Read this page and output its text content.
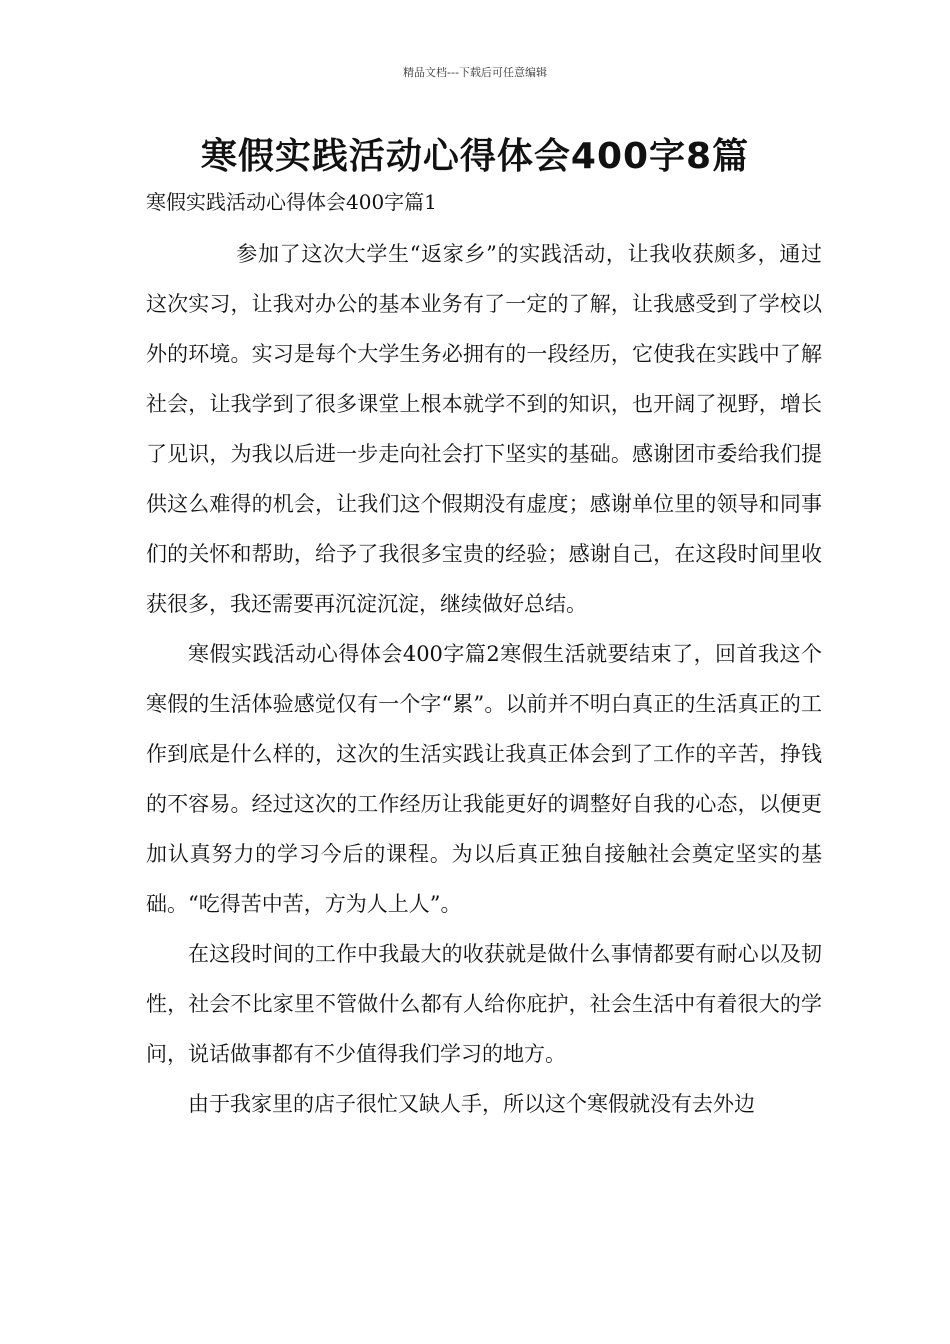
精品文档---下载后可任意编辑
寒假实践活动心得体会400字8篇
寒假实践活动心得体会400字篇1

参加了这次大学生“返家乡”的实践活动，让我收获颇多，通过这次实习，让我对办公的基本业务有了一定的了解，让我感受到了学校以外的环境。实习是每个大学生务必拥有的一段经历，它使我在实践中了解社会，让我学到了很多课堂上根本就学不到的知识，也开阔了视野，增长了见识，为我以后进一步走向社会打下坚实的基础。感谢团市委给我们提供这么难得的机会，让我们这个假期没有虚度；感谢单位里的领导和同事们的关怀和帮助，给予了我很多宝贵的经验；感谢自己，在这段时间里收获很多，我还需要再沉淀沉淀，继续做好总结。

寒假实践活动心得体会400字篇2寒假生活就要结束了，回首我这个寒假的生活体验感觉仅有一个字“累”。以前并不明白真正的生活真正的工作到底是什么样的，这次的生活实践让我真正体会到了工作的辛苦，挣钱的不容易。经过这次的工作经历让我能更好的调整好自我的心态，以便更加认真努力的学习今后的课程。为以后真正独自接触社会奠定坚实的基础。“吃得苦中苦，方为人上人”。

在这段时间的工作中我最大的收获就是做什么事情都要有耐心以及韧性，社会不比家里不管做什么都有人给你庇护，社会生活中有着很大的学问，说话做事都有不少值得我们学习的地方。

由于我家里的店子很忙又缺人手，所以这个寒假就没有去外边
